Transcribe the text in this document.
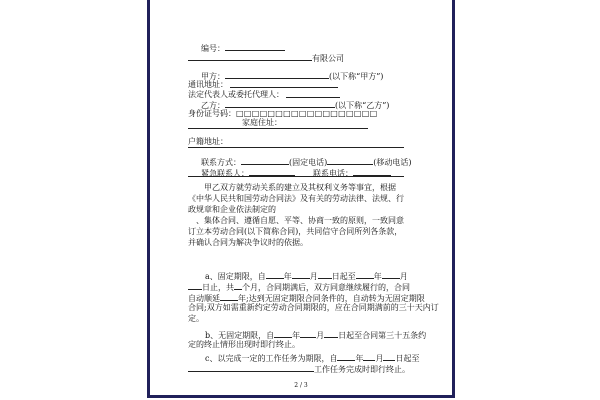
编号：
有限公司
甲方：	(以下称“甲方”)
通讯地址：
法定代表人或委托代理人：
乙方：	(以下称“乙方”)
身份证号码：□□□□□□□□□□□□□□□□□□
家庭住址：
户籍地址：
联系方式：	(固定电话)	(移动电话)
紧急联系人：	联系电话：
甲乙双方就劳动关系的建立及其权利义务等事宜，根据《中华人民共和国劳动合同法》及有关的劳动法律、法规、行政规章和企业依法制定的
、集体合同、遵循自愿、平等、协商一致的原则，一致同意订立本劳动合同(以下简称合同)，共同信守合同所列各条款，并确认合同为解决争议时的依据。
a、固定期限，自 年 月 日起至 年 月
日止，共 个月，合同期满后，双方同意继续履行的，合同
自动顺延 年;达到无固定期限合同条件的，自动转为无固定期限
合同;双方如需重新约定劳动合同期限的，应在合同期满前的三十天内订
定。
b、无固定期限，自 年 月 日起至合同第三十五条约
定的终止情形出现时即行终止。
c、以完成一定的工作任务为期限，自 年 月 日起至
工作任务完成时即行终止。
2 / 3
